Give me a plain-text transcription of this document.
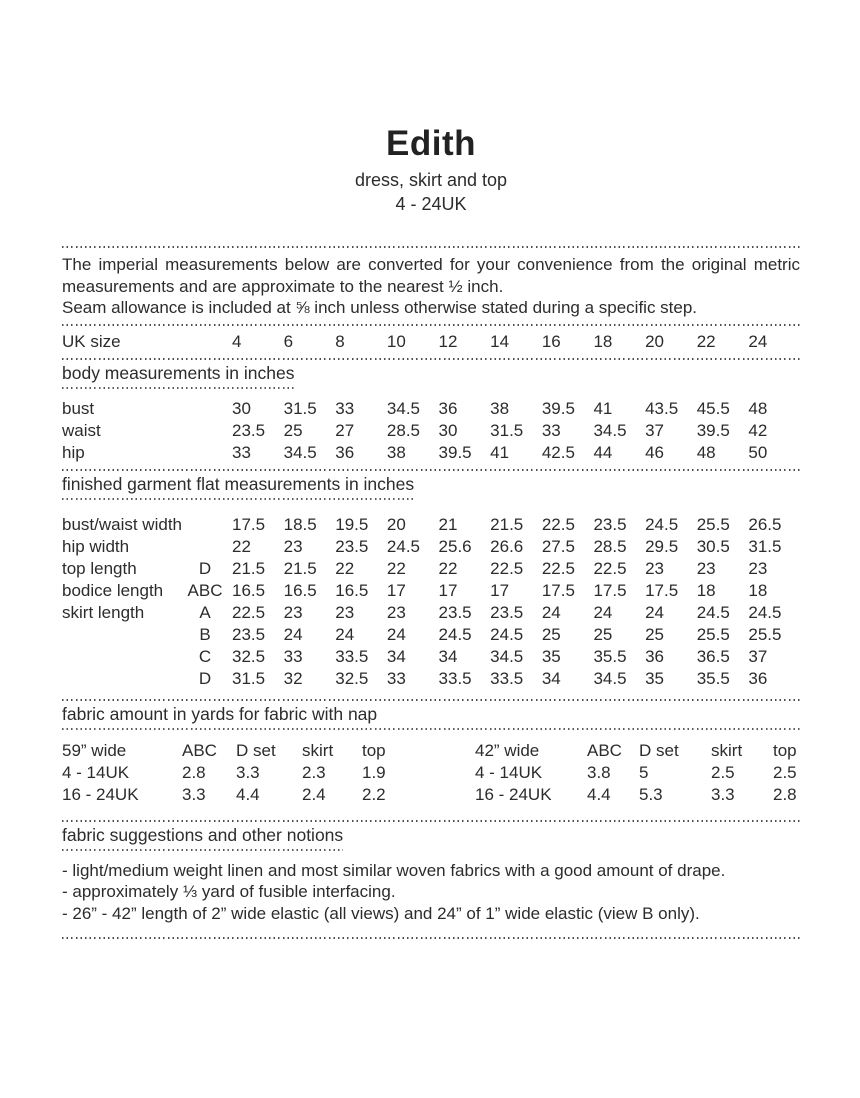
Edith
dress, skirt and top
4 - 24UK

The imperial measurements below are converted for your convenience from the original metric measurements and are approximate to the nearest ½ inch.

Seam allowance is included at ⅝ inch unless otherwise stated during a specific step.

UK size	4	6	8	10	12	14	16	18	20	22	24
body measurements in inches
bust	30	31.5	33	34.5	36	38	39.5	41	43.5	45.5	48
waist	23.5	25	27	28.5	30	31.5	33	34.5	37	39.5	42
hip	33	34.5	36	38	39.5	41	42.5	44	46	48	50
finished garment flat measurements in inches
bust/waist width	17.5	18.5	19.5	20	21	21.5	22.5	23.5	24.5	25.5	26.5
hip width	22	23	23.5	24.5	25.6	26.6	27.5	28.5	29.5	30.5	31.5
top length	D	21.5	21.5	22	22	22	22.5	22.5	22.5	23	23	23
bodice length	ABC 16.5	16.5	16.5	17	17	17	17.5	17.5	17.5	18	18
skirt length	A	22.5	23	23	23	23.5	23.5	24	24	24	24.5	24.5
B	23.5	24	24	24	24.5	24.5	25	25	25	25.5	25.5
C	32.5	33	33.5	34	34	34.5	35	35.5	36	36.5	37
D	31.5	32	32.5	33	33.5	33.5	34	34.5	35	35.5	36
fabric amount in yards for fabric with nap
59” wide	ABC	D set	skirt	top
4 - 14UK	2.8	3.3	2.3	1.9
16 - 24UK	3.3	4.4	2.4	2.2
42” wide	ABC	D set	skirt	top
4 - 14UK	3.8	5	2.5	2.5
16 - 24UK	4.4	5.3	3.3	2.8
fabric suggestions and other notions
- light/medium weight linen and most similar woven fabrics with a good amount of drape.
- approximately ⅓ yard of fusible interfacing.
- 26” - 42” length of 2” wide elastic (all views) and 24” of 1” wide elastic (view B only).
